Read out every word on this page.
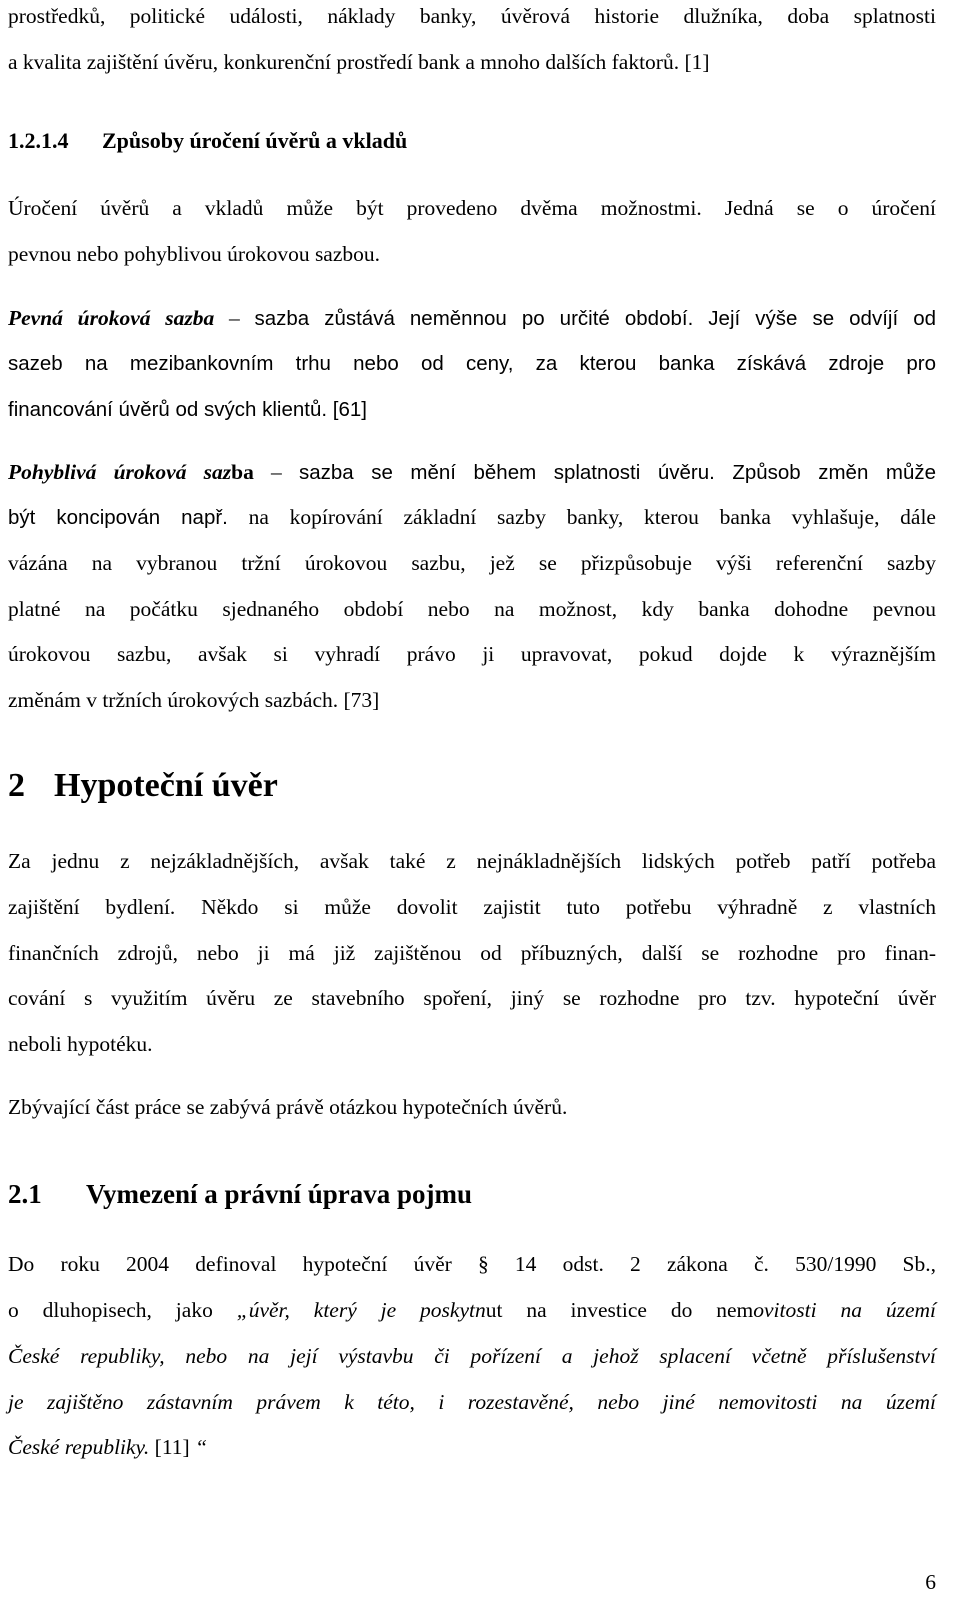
prostředků, politické události, náklady banky, úvěrová historie dlužníka, doba splatnosti
a kvalita zajištění úvěru, konkurenční prostředí bank a mnoho dalších faktorů. [1]
1.2.1.4 Způsoby úročení úvěrů a vkladů
Úročení úvěrů a vkladů může být provedeno dvěma možnostmi. Jedná se o úročení
pevnou nebo pohyblivou úrokovou sazbou.
Pevná úroková sazba – sazba zůstává neměnnou po určité období. Její výše se odvíjí od
sazeb na mezibankovním trhu nebo od ceny, za kterou banka získává zdroje pro
financování úvěrů od svých klientů. [61]
Pohyblivá úroková sazba – sazba se mění během splatnosti úvěru. Způsob změn může
být koncipován např. na kopírování základní sazby banky, kterou banka vyhlašuje, dále
vázána na vybranou tržní úrokovou sazbu, jež se přizpůsobuje výši referenční sazby
platné na počátku sjednaného období nebo na možnost, kdy banka dohodne pevnou
úrokovou sazbu, avšak si vyhradí právo ji upravovat, pokud dojde k výraznějším
změnám v tržních úrokových sazbách. [73]
2 Hypoteční úvěr
Za jednu z nejzákladnějších, avšak také z nejnákladnějších lidských potřeb patří potřeba
zajištění bydlení. Někdo si může dovolit zajistit tuto potřebu výhradně z vlastních
finančních zdrojů, nebo ji má již zajištěnou od příbuzných, další se rozhodne pro finan-
cování s využitím úvěru ze stavebního spoření, jiný se rozhodne pro tzv. hypoteční úvěr
neboli hypotéku.
Zbývající část práce se zabývá právě otázkou hypotečních úvěrů.
2.1 Vymezení a právní úprava pojmu
Do roku 2004 definoval hypoteční úvěr § 14 odst. 2 zákona č. 530/1990 Sb.,
o dluhopisech, jako „úvěr, který je poskytnut na investice do nemovitosti na území
České republiky, nebo na její výstavbu či pořízení a jehož splacení včetně příslušenství
je zajištěno zástavním právem k této, i rozestavěné, nebo jiné nemovitosti na území
České republiky. [11] “
6
